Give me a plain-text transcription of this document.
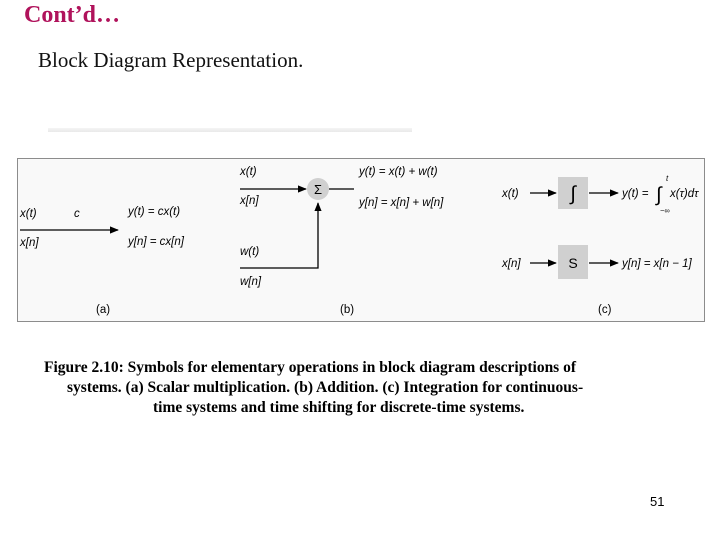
Cont’d…
Block Diagram Representation.
x(t)
x[n]
c	y(t) = cx(t)
y[n] = cx[n]
(a)
x(t)
x[n]
Σ
y(t) = x(t) + w(t)
y[n] = x[n] + w[n]
w(t)
w[n]
(b)
x(t)	∫	y(t) =
t
∫
−∞
x(τ)dτ
x[n]	S	y[n] = x[n − 1]
(c)
Figure 2.10: Symbols for elementary operations in block diagram descriptions of
systems. (a) Scalar multiplication. (b) Addition. (c) Integration for continuous-
time systems and time shifting for discrete-time systems.
51
